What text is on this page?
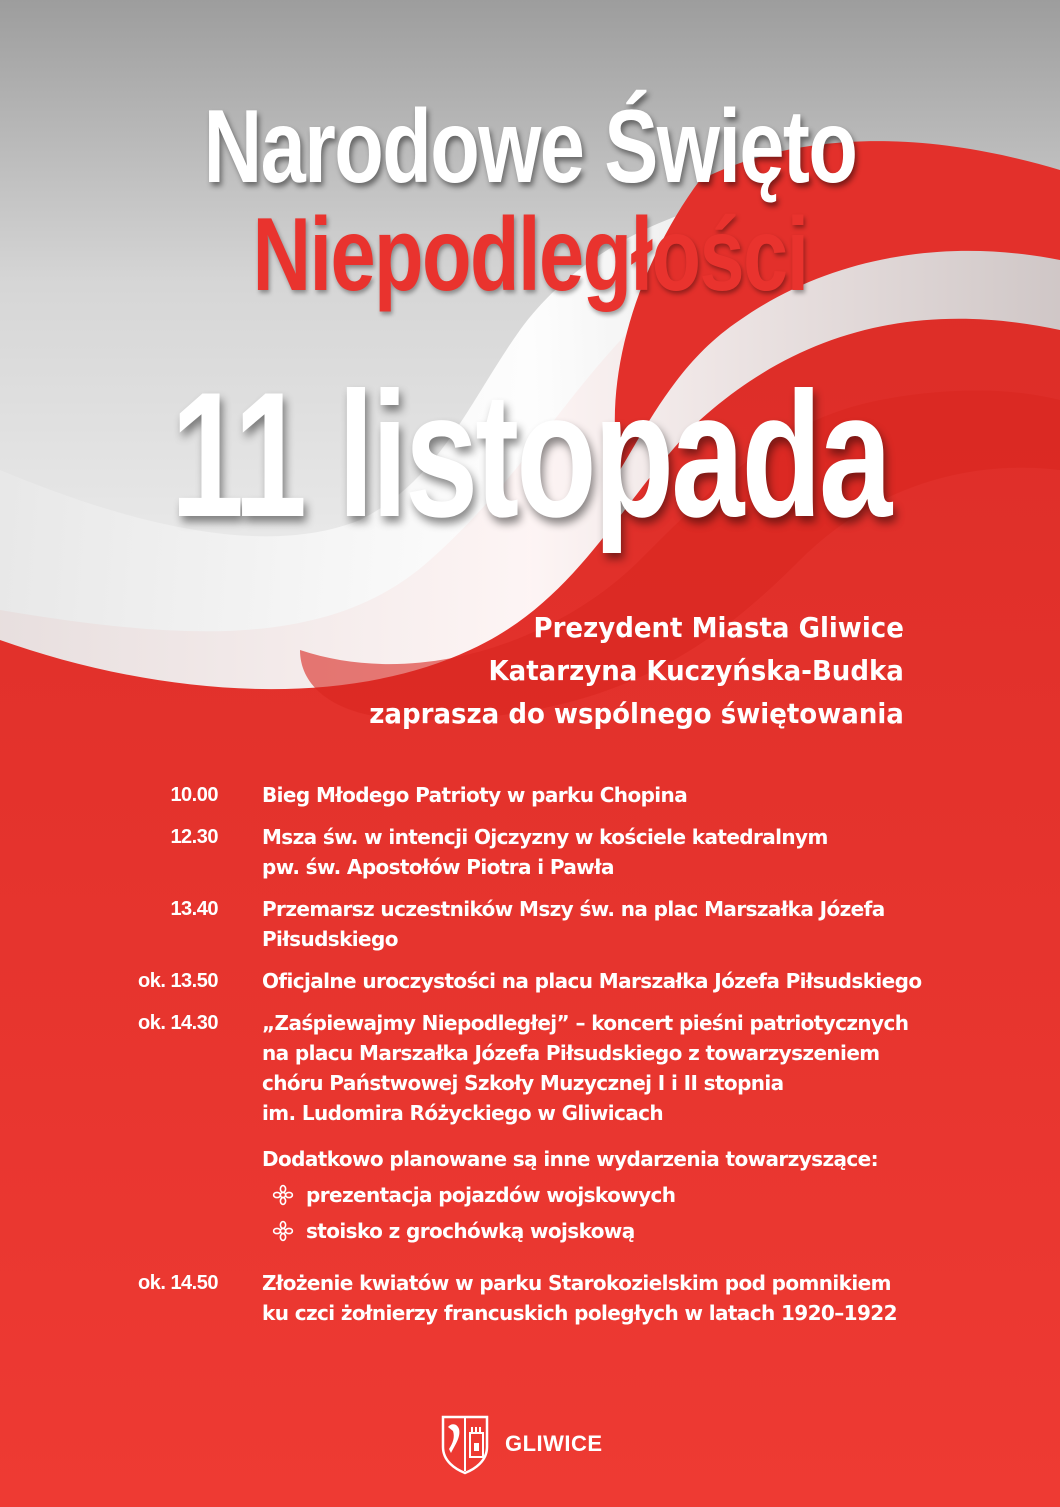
Narodowe Święto
Niepodległości
11 listopada
Prezydent Miasta Gliwice
Katarzyna Kuczyńska-Budka
zaprasza do wspólnego świętowania
10.00 Bieg Młodego Patrioty w parku Chopina
12.30 Msza św. w intencji Ojczyzny w kościele katedralnym
pw. św. Apostołów Piotra i Pawła
13.40 Przemarsz uczestników Mszy św. na plac Marszałka Józefa
Piłsudskiego
ok. 13.50 Oficjalne uroczystości na placu Marszałka Józefa Piłsudskiego
ok. 14.30 „Zaśpiewajmy Niepodległej” – koncert pieśni patriotycznych
na placu Marszałka Józefa Piłsudskiego z towarzyszeniem
chóru Państwowej Szkoły Muzycznej I i II stopnia
im. Ludomira Różyckiego w Gliwicach
Dodatkowo planowane są inne wydarzenia towarzyszące:
prezentacja pojazdów wojskowych
stoisko z grochówką wojskową
ok. 14.50 Złożenie kwiatów w parku Starokozielskim pod pomnikiem
ku czci żołnierzy francuskich poległych w latach 1920–1922
GLIWICE
